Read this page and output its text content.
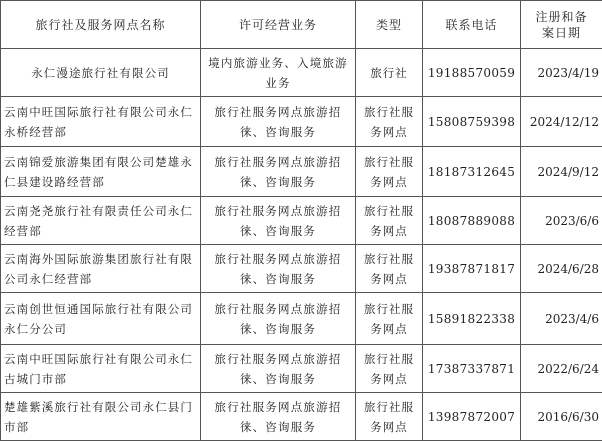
旅行社及服务网点名称	许可经营业务	类型	联系电话	注册和备
案日期
永仁漫途旅行社有限公司	境内旅游业务、入境旅游业务	旅行社	19188570059	2023/4/19
云南中旺国际旅行社有限公司永仁永桥经营部	旅行社服务网点旅游招徕、咨询服务	旅行社服务网点	15808759398	2024/12/12
云南锦爱旅游集团有限公司楚雄永仁县建设路经营部	旅行社服务网点旅游招徕、咨询服务	旅行社服务网点	18187312645	2024/9/12
云南尧尧旅行社有限责任公司永仁经营部	旅行社服务网点旅游招徕、咨询服务	旅行社服务网点	18087889088	2023/6/6
云南海外国际旅游集团旅行社有限公司永仁经营部	旅行社服务网点旅游招徕、咨询服务	旅行社服务网点	19387871817	2024/6/28
云南创世恒通国际旅行社有限公司永仁分公司	旅行社服务网点旅游招徕、咨询服务	旅行社服务网点	15891822338	2023/4/6
云南中旺国际旅行社有限公司永仁古城门市部	旅行社服务网点旅游招徕、咨询服务	旅行社服务网点	17387337871	2022/6/24
楚雄紫溪旅行社有限公司永仁县门市部	旅行社服务网点旅游招徕、咨询服务	旅行社服务网点	13987872007	2016/6/30
